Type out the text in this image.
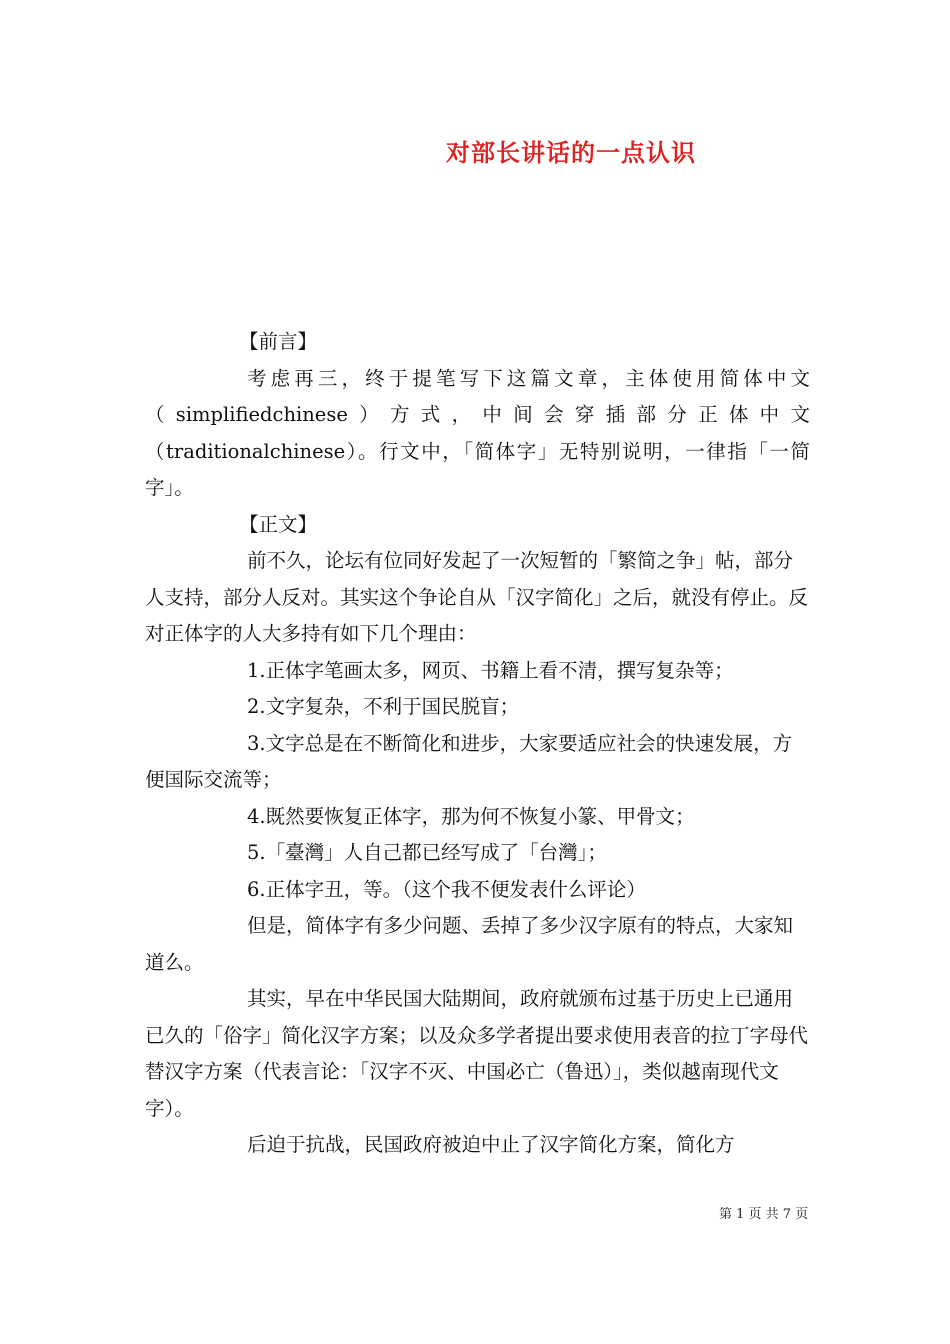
对部长讲话的一点认识

【前言】

考虑再三，终于提笔写下这篇文章，主体使用简体中文（simplifiedchinese）方式，中间会穿插部分正体中文（traditionalchinese）。行文中，「简体字」无特别说明，一律指「一简字」。

【正文】

前不久，论坛有位同好发起了一次短暂的「繁简之争」帖，部分人支持，部分人反对。其实这个争论自从「汉字简化」之后，就没有停止。反对正体字的人大多持有如下几个理由：

1.正体字笔画太多，网页、书籍上看不清，撰写复杂等；

2.文字复杂，不利于国民脱盲；

3.文字总是在不断简化和进步，大家要适应社会的快速发展，方便国际交流等；

4.既然要恢复正体字，那为何不恢复小篆、甲骨文；

5.「臺灣」人自己都已经写成了「台灣」；

6.正体字丑，等。（这个我不便发表什么评论）

但是，简体字有多少问题、丢掉了多少汉字原有的特点，大家知道么。

其实，早在中华民国大陆期间，政府就颁布过基于历史上已通用已久的「俗字」简化汉字方案；以及众多学者提出要求使用表音的拉丁字母代替汉字方案（代表言论：「汉字不灭、中国必亡（鲁迅）」，类似越南现代文字）。

后迫于抗战，民国政府被迫中止了汉字简化方案，简化方

第 1 页 共 7 页
